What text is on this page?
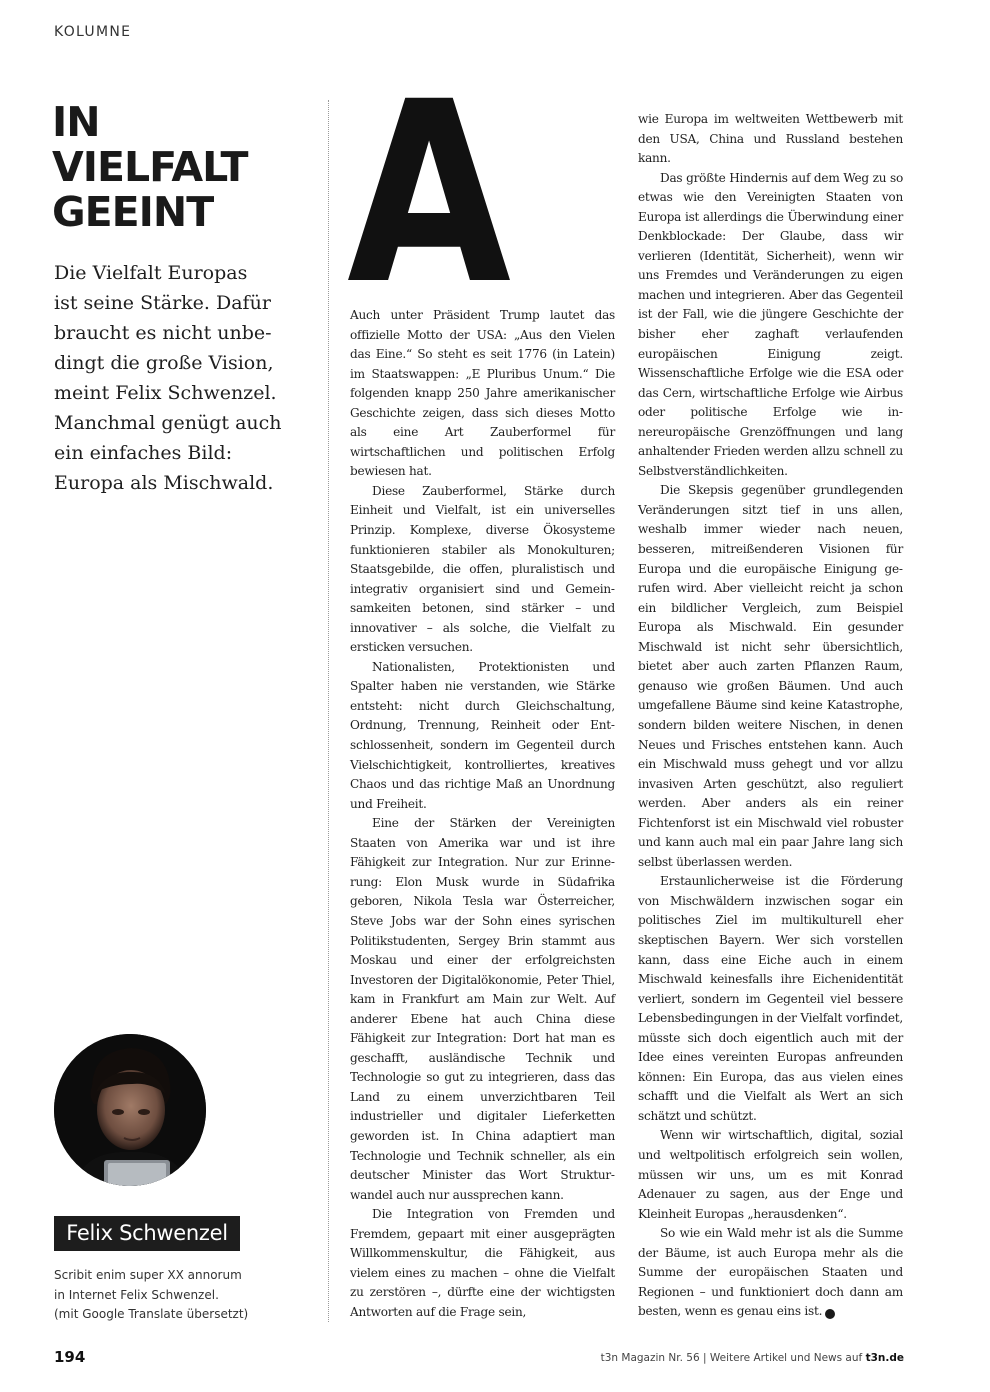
KOLUMNE
IN
VIELFALT
GEEINT

Die Vielfalt Europas
ist seine Stärke. Dafür
braucht es nicht unbe-
dingt die große Vision,
meint Felix Schwenzel.
Manchmal genügt auch
ein einfaches Bild:
Europa als Mischwald.

Felix Schwenzel
Scribit enim super XX annorum
in Internet Felix Schwenzel.
(mit Google Translate übersetzt)
A

Auch unter Präsident Trump lautet das offizielle Motto der USA: „Aus den Vielen das Eine.“ So steht es seit 1776 (in Latein) im Staatswappen: „E Pluribus Unum.“ Die folgenden knapp 250 Jahre amerikanischer Geschichte zeigen, dass sich dieses Motto als eine Art Zauberformel für wirtschaftlichen und politischen Erfolg bewiesen hat.

Diese Zauberformel, Stärke durch Einheit und Vielfalt, ist ein universelles Prinzip. Komplexe, diverse Ökosysteme funktionieren stabiler als Monokulturen; Staatsgebilde, die offen, pluralistisch und integrativ organisiert sind und Gemeinsamkeiten betonen, sind stärker – und innovativer – als solche, die Vielfalt zu ersticken versuchen.

Nationalisten, Protektionisten und Spalter haben nie verstanden, wie Stärke entsteht: nicht durch Gleichschaltung, Ordnung, Trennung, Reinheit oder Entschlossenheit, sondern im Gegenteil durch Vielschichtigkeit, kontrolliertes, kreatives Chaos und das richtige Maß an Unordnung und Freiheit.

Eine der Stärken der Vereinigten Staaten von Amerika war und ist ihre Fähigkeit zur Integration. Nur zur Erinnerung: Elon Musk wurde in Südafrika geboren, Nikola Tesla war Österreicher, Steve Jobs war der Sohn eines syrischen Politikstudenten, Sergey Brin stammt aus Moskau und einer der erfolgreichsten Investoren der Digitalökonomie, Peter Thiel, kam in Frankfurt am Main zur Welt. Auf anderer Ebene hat auch China diese Fähigkeit zur Integration: Dort hat man es geschafft, ausländische Technik und Technologie so gut zu integrieren, dass das Land zu einem unverzichtbaren Teil industrieller und digitaler Lieferketten geworden ist. In China adaptiert man Technologie und Technik schneller, als ein deutscher Minister das Wort Strukturwandel auch nur aussprechen kann.

Die Integration von Fremden und Fremdem, gepaart mit einer ausgeprägten Willkommenskultur, die Fähigkeit, aus vielem eines zu machen – ohne die Vielfalt zu zerstören –, dürfte eine der wichtigsten Antworten auf die Frage sein,

wie Europa im weltweiten Wettbewerb mit den USA, China und Russland bestehen kann.

Das größte Hindernis auf dem Weg zu so etwas wie den Vereinigten Staaten von Europa ist allerdings die Überwindung einer Denkblockade: Der Glaube, dass wir verlieren (Identität, Sicherheit), wenn wir uns Fremdes und Veränderungen zu eigen machen und integrieren. Aber das Gegenteil ist der Fall, wie die jüngere Geschichte der bisher eher zaghaft verlaufenden europäischen Einigung zeigt. Wissenschaftliche Erfolge wie die ESA oder das Cern, wirtschaftliche Erfolge wie Airbus oder politische Erfolge wie innereuropäische Grenzöffnungen und lang anhaltender Frieden werden allzu schnell zu Selbstverständlichkeiten.

Die Skepsis gegenüber grundlegenden Veränderungen sitzt tief in uns allen, weshalb immer wieder nach neuen, besseren, mitreißenderen Visionen für Europa und die europäische Einigung gerufen wird. Aber vielleicht reicht ja schon ein bildlicher Vergleich, zum Beispiel Europa als Mischwald. Ein gesunder Mischwald ist nicht sehr übersichtlich, bietet aber auch zarten Pflanzen Raum, genauso wie großen Bäumen. Und auch umgefallene Bäume sind keine Katastrophe, sondern bilden weitere Nischen, in denen Neues und Frisches entstehen kann. Auch ein Mischwald muss gehegt und vor allzu invasiven Arten geschützt, also reguliert werden. Aber anders als ein reiner Fichtenforst ist ein Mischwald viel robuster und kann auch mal ein paar Jahre lang sich selbst überlassen werden.

Erstaunlicherweise ist die Förderung von Mischwäldern inzwischen sogar ein politisches Ziel im multikulturell eher skeptischen Bayern. Wer sich vorstellen kann, dass eine Eiche auch in einem Mischwald keinesfalls ihre Eichenidentität verliert, sondern im Gegenteil viel bessere Lebensbedingungen in der Vielfalt vorfindet, müsste sich doch eigentlich auch mit der Idee eines vereinten Europas anfreunden können: Ein Europa, das aus vielen eines schafft und die Vielfalt als Wert an sich schätzt und schützt.

Wenn wir wirtschaftlich, digital, sozial und weltpolitisch erfolgreich sein wollen, müssen wir uns, um es mit Konrad Adenauer zu sagen, aus der Enge und Kleinheit Europas „herausdenken“.

So wie ein Wald mehr ist als die Summe der Bäume, ist auch Europa mehr als die Summe der europäischen Staaten und Regionen – und funktioniert doch dann am besten, wenn es genau eins ist.	✕

194	t3n Magazin Nr. 56 | Weitere Artikel und News auf t3n.de
